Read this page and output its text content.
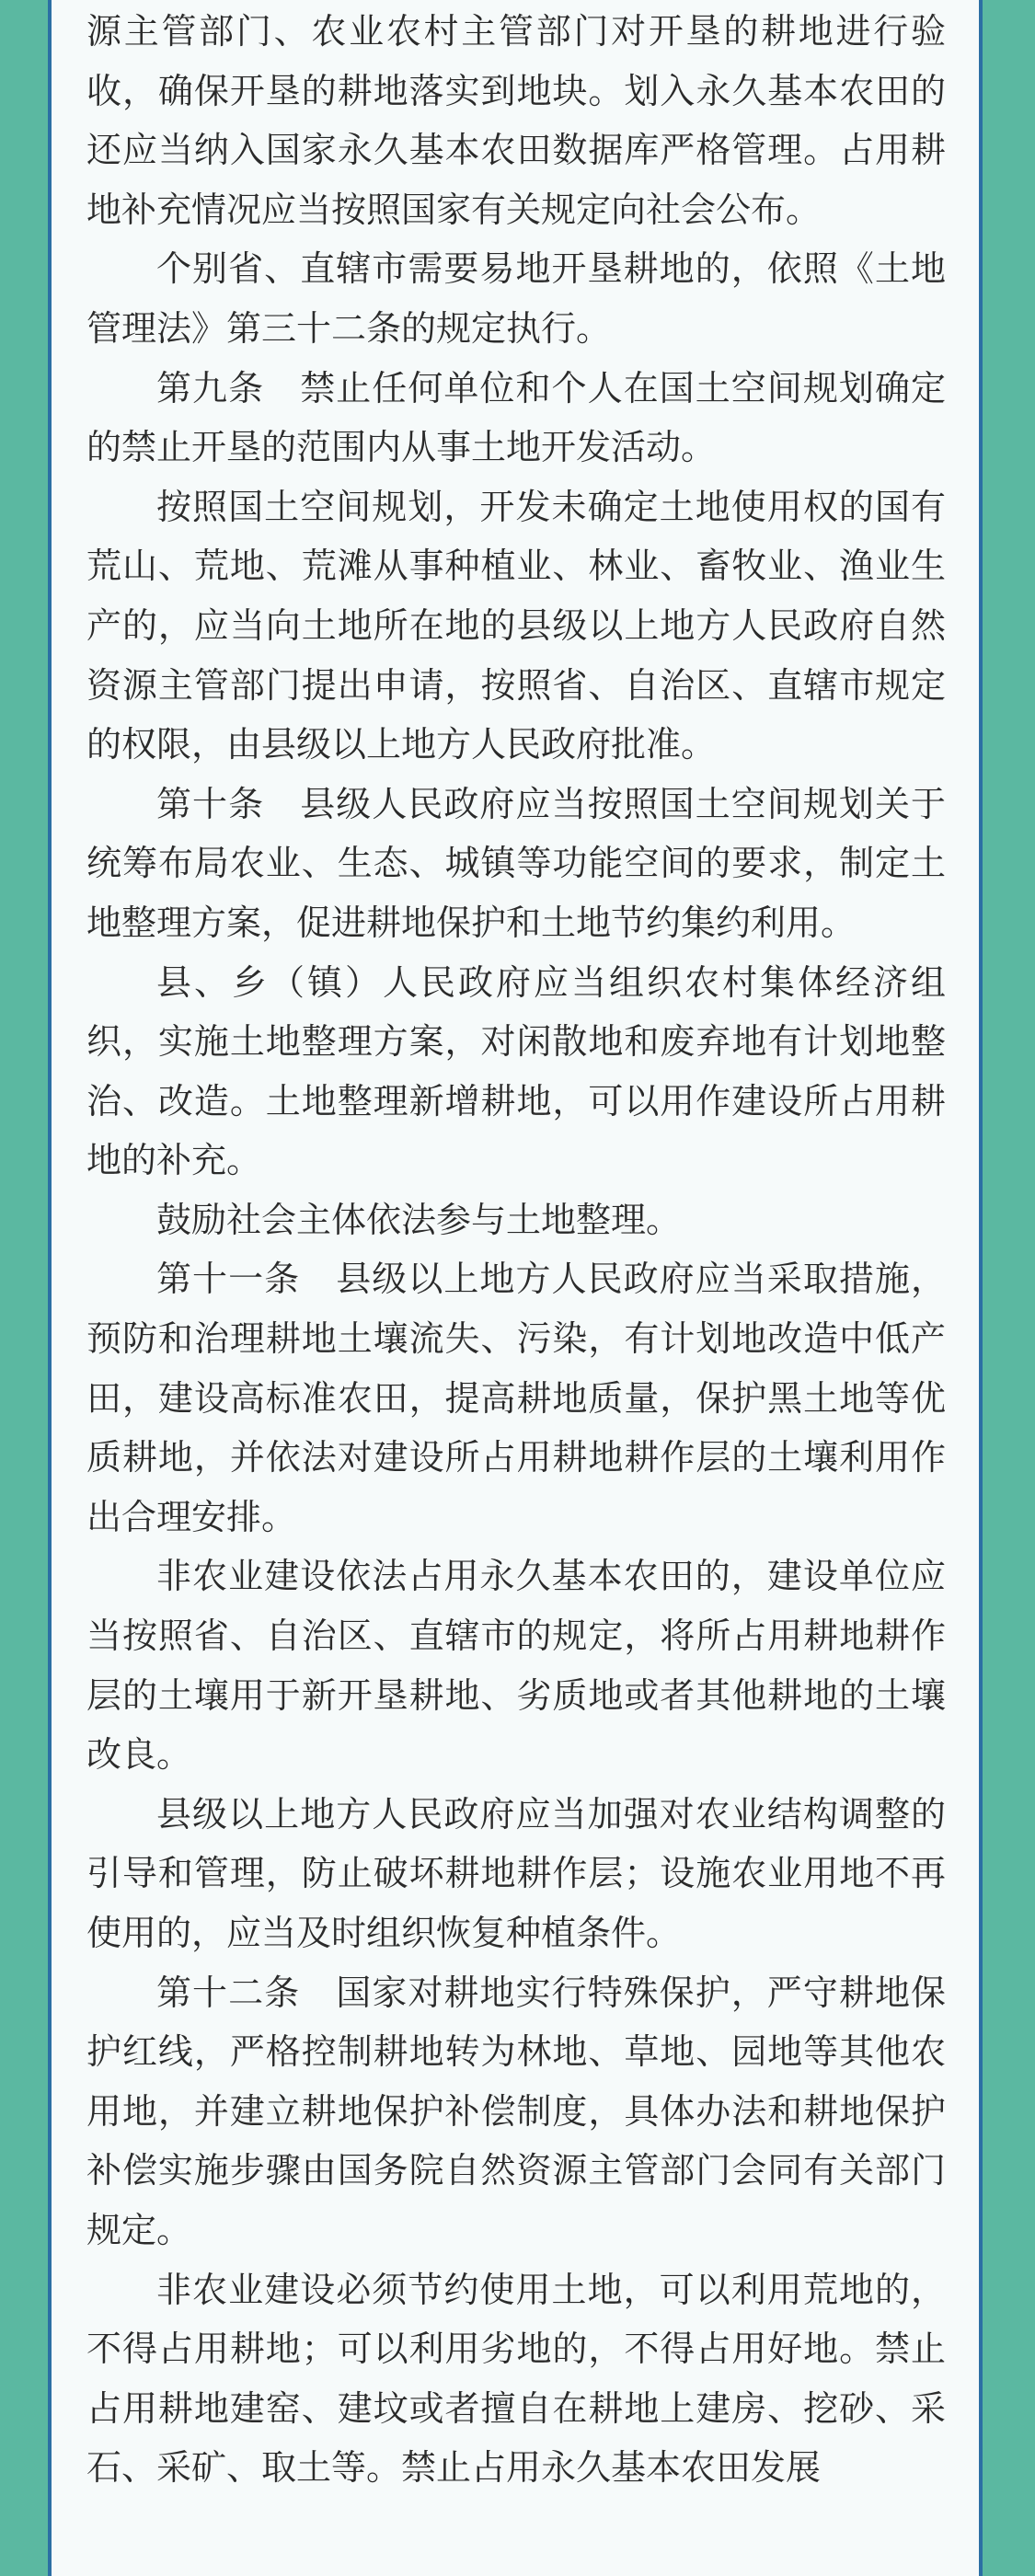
源主管部门、农业农村主管部门对开垦的耕地进行验收，确保开垦的耕地落实到地块。划入永久基本农田的还应当纳入国家永久基本农田数据库严格管理。占用耕地补充情况应当按照国家有关规定向社会公布。

个别省、直辖市需要易地开垦耕地的，依照《土地管理法》第三十二条的规定执行。

第九条　禁止任何单位和个人在国土空间规划确定的禁止开垦的范围内从事土地开发活动。

按照国土空间规划，开发未确定土地使用权的国有荒山、荒地、荒滩从事种植业、林业、畜牧业、渔业生产的，应当向土地所在地的县级以上地方人民政府自然资源主管部门提出申请，按照省、自治区、直辖市规定的权限，由县级以上地方人民政府批准。

第十条　县级人民政府应当按照国土空间规划关于统筹布局农业、生态、城镇等功能空间的要求，制定土地整理方案，促进耕地保护和土地节约集约利用。

县、乡（镇）人民政府应当组织农村集体经济组织，实施土地整理方案，对闲散地和废弃地有计划地整治、改造。土地整理新增耕地，可以用作建设所占用耕地的补充。

鼓励社会主体依法参与土地整理。

第十一条　县级以上地方人民政府应当采取措施，预防和治理耕地土壤流失、污染，有计划地改造中低产田，建设高标准农田，提高耕地质量，保护黑土地等优质耕地，并依法对建设所占用耕地耕作层的土壤利用作出合理安排。

非农业建设依法占用永久基本农田的，建设单位应当按照省、自治区、直辖市的规定，将所占用耕地耕作层的土壤用于新开垦耕地、劣质地或者其他耕地的土壤改良。

县级以上地方人民政府应当加强对农业结构调整的引导和管理，防止破坏耕地耕作层；设施农业用地不再使用的，应当及时组织恢复种植条件。

第十二条　国家对耕地实行特殊保护，严守耕地保护红线，严格控制耕地转为林地、草地、园地等其他农用地，并建立耕地保护补偿制度，具体办法和耕地保护补偿实施步骤由国务院自然资源主管部门会同有关部门规定。

非农业建设必须节约使用土地，可以利用荒地的，不得占用耕地；可以利用劣地的，不得占用好地。禁止占用耕地建窑、建坟或者擅自在耕地上建房、挖砂、采石、采矿、取土等。禁止占用永久基本农田发展
